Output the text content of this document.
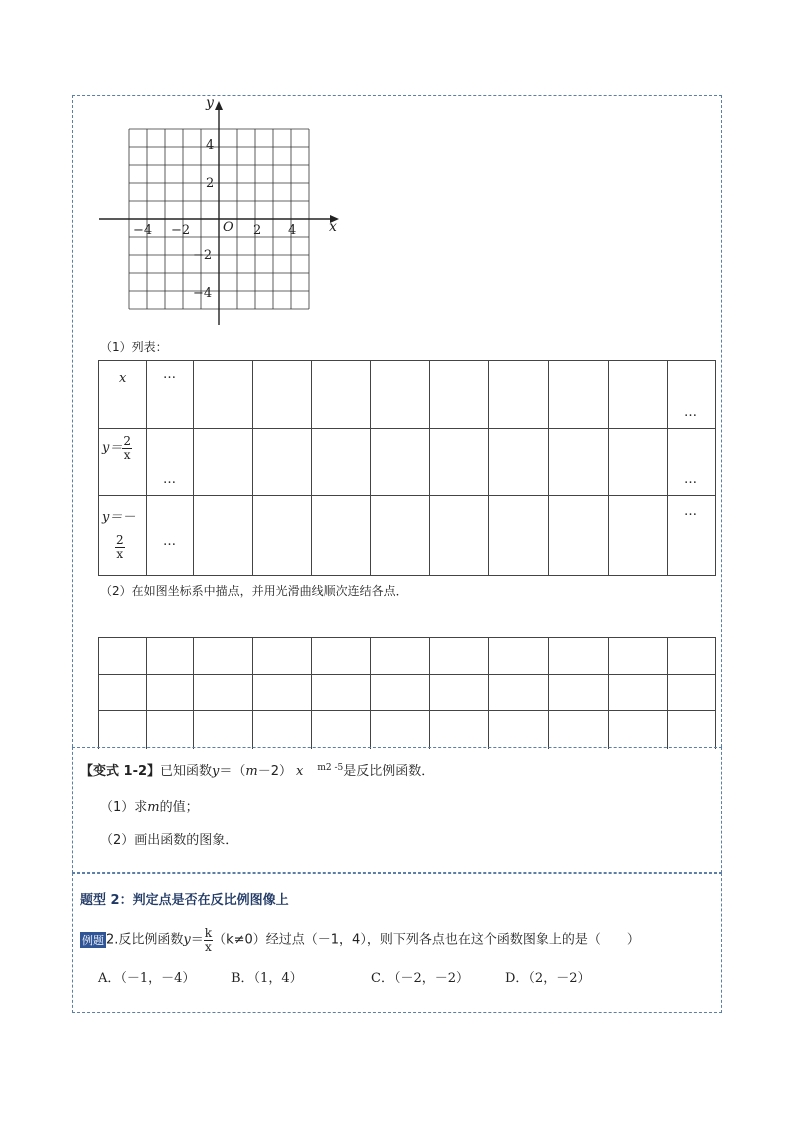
y
x
O
−4 −2	2 4
4
2
−2
−4
（1）列表：
x	…									…

$y= \frac{2}{x}$	…									…

y＝－
$\frac{2}{x}$	…									…
（2）在如图坐标系中描点，并用光滑曲线顺次连结各点．

【变式 1-2】已知函数y＝（m－2） x $^{m2 -5}$是反比例函数．
（1）求m的值；
（2）画出函数的图象．
题型 2：判定点是否在反比例图像上
例题 2.反比例函数$y= \frac{k}{x} (k\ne 0)$经过点（－1，4），则下列各点也在这个函数图象上的是（　　）
A．（－1，－4）	B．（1，4）	C．（－2，－2）	D．（2，－2）
